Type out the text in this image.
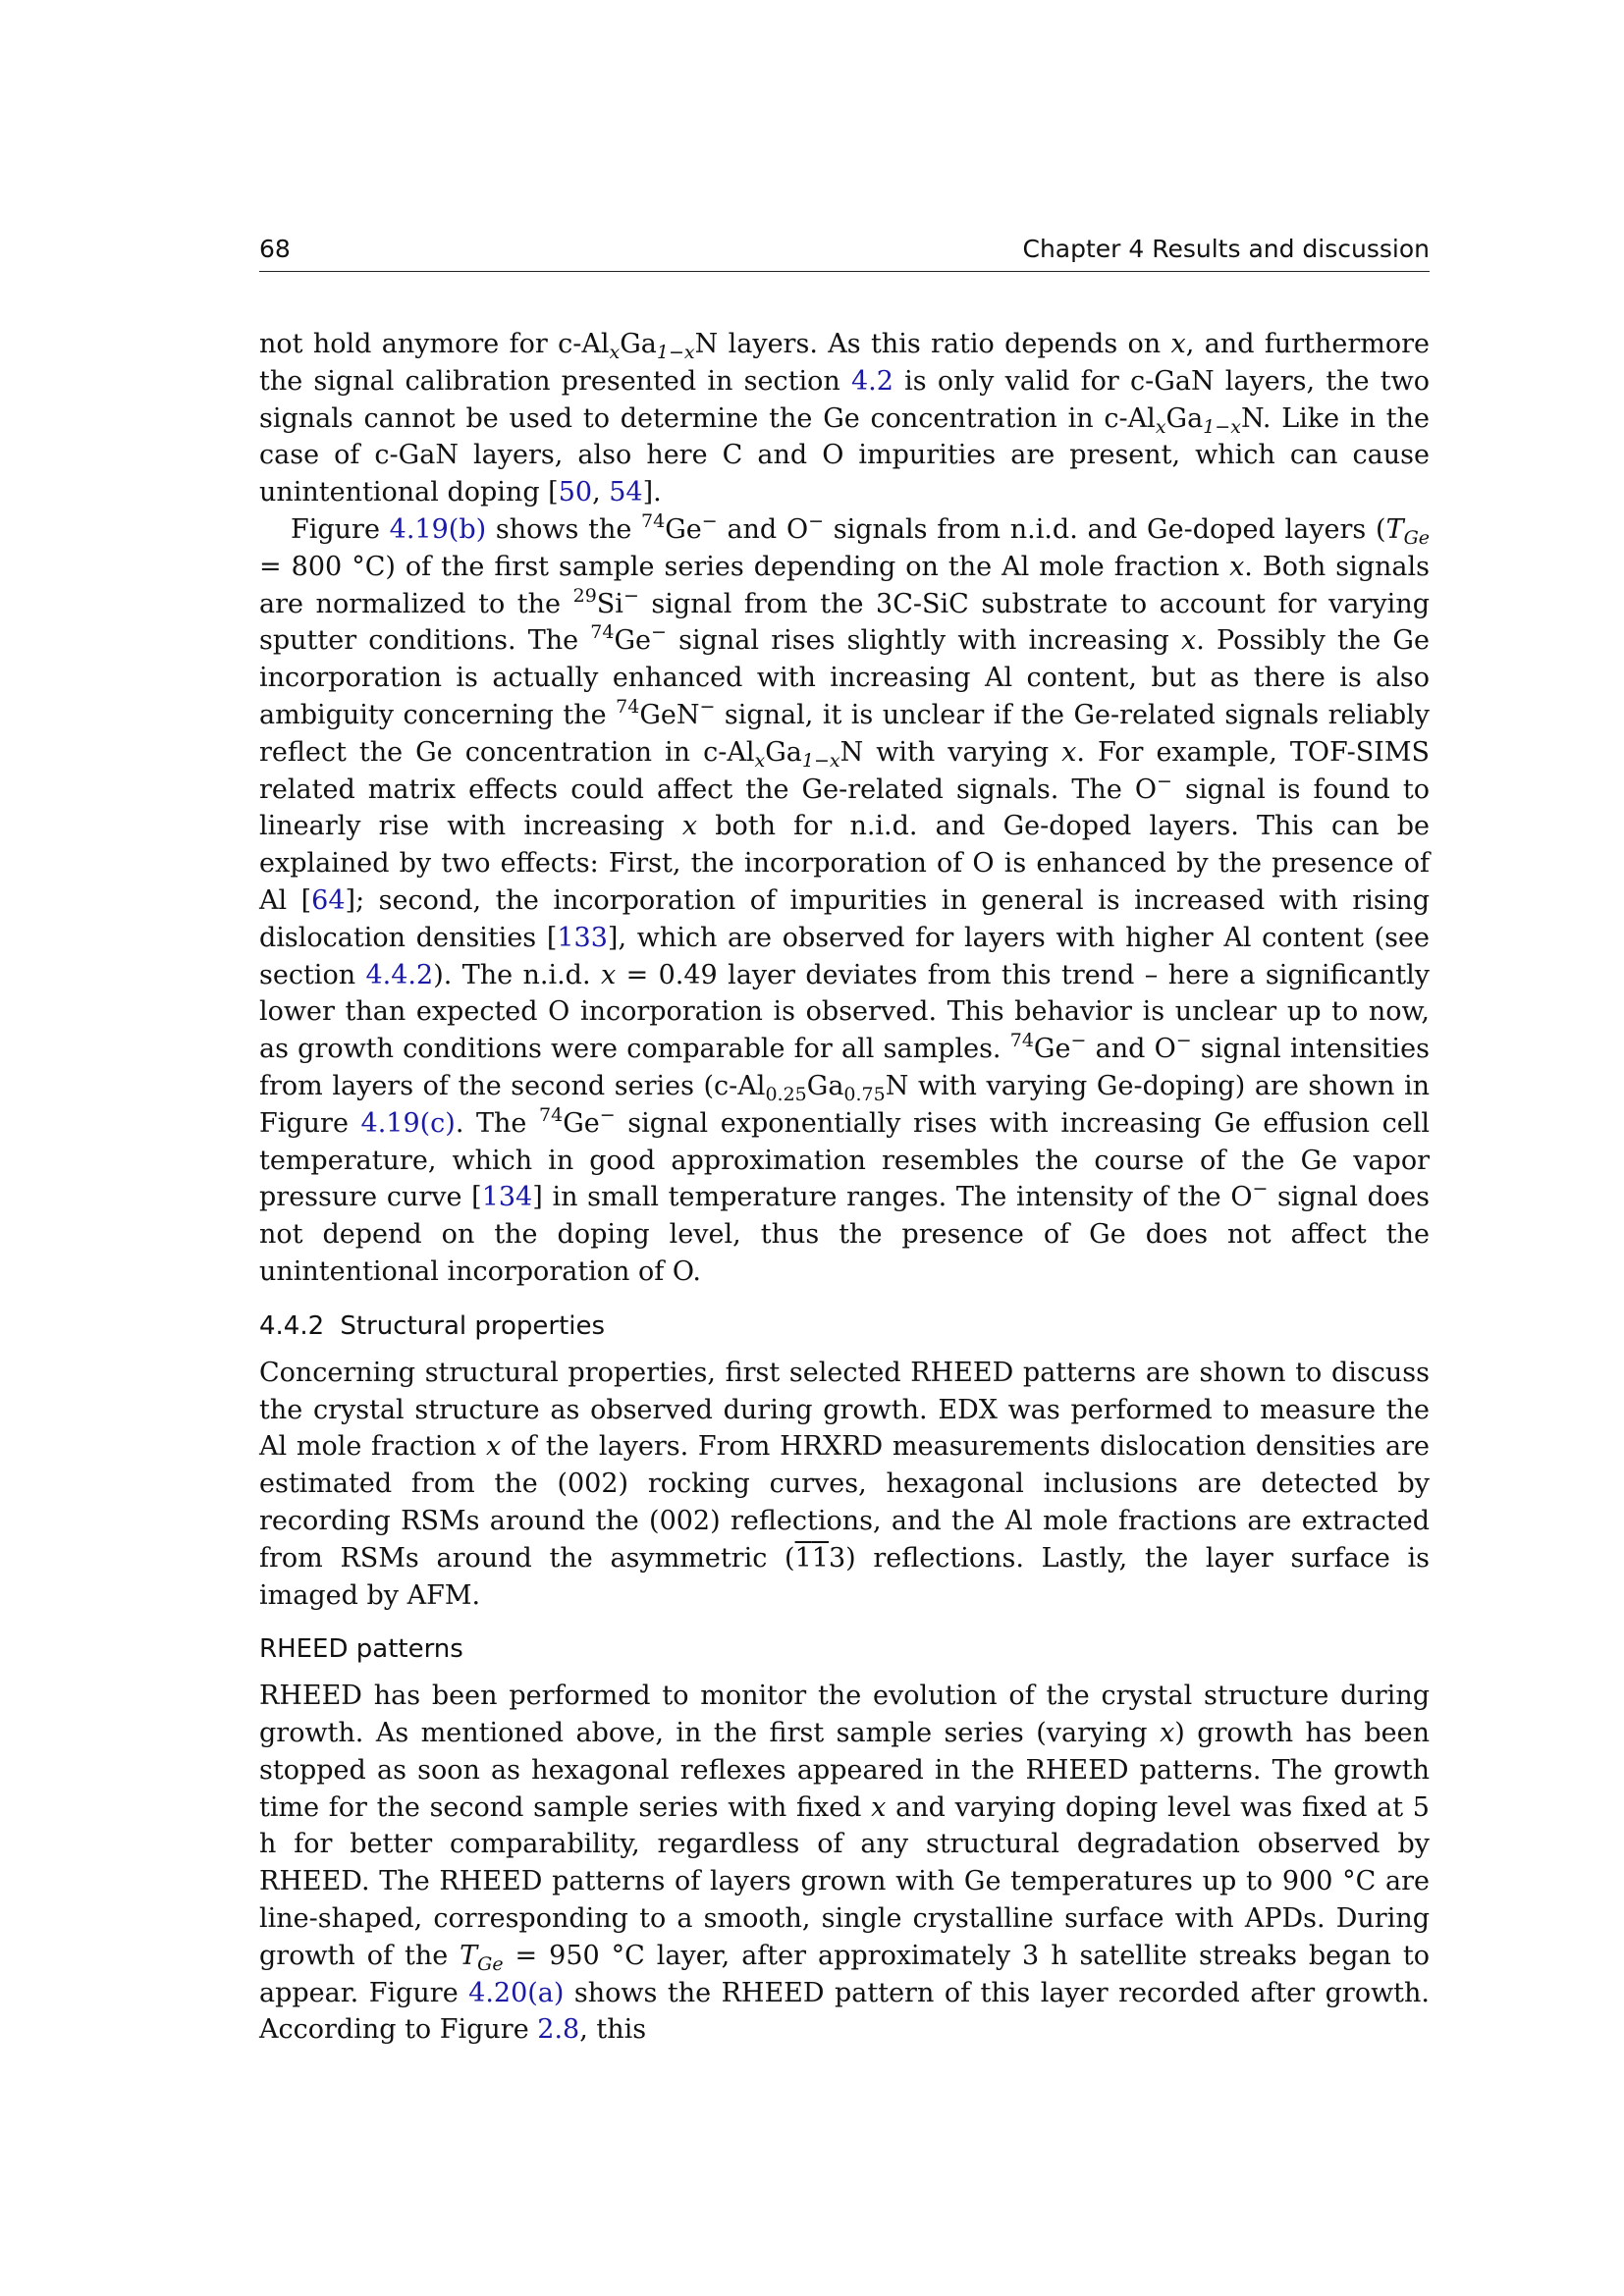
68	Chapter 4 Results and discussion

not hold anymore for $c-Al_xGa_{1-x}N$ layers. As this ratio depends on x, and furthermore the signal calibration presented in section 4.2 is only valid for c-GaN layers, the two signals cannot be used to determine the Ge concentration in $c-Al_xGa_{1-x}N$. Like in the case of c-GaN layers, also here C and O impurities are present, which can cause unintentional doping [50, 54].

Figure 4.19(b) shows the $^{74}$Ge− and O− signals from n.i.d. and Ge-doped layers ($T_{Ge} = 800$ °C) of the first sample series depending on the Al mole fraction x. Both signals are normalized to the $^{29}$Si− signal from the 3C-SiC substrate to account for varying sputter conditions. The $^{74}$Ge− signal rises slightly with increasing x. Possibly the Ge incorporation is actually enhanced with increasing Al content, but as there is also ambiguity concerning the $^{74}$GeN− signal, it is unclear if the Ge-related signals reliably reflect the Ge concentration in $c-Al_xGa_{1-x}N$ with varying x. For example, TOF-SIMS related matrix effects could affect the Ge-related signals. The O− signal is found to linearly rise with increasing x both for n.i.d. and Ge-doped layers. This can be explained by two effects: First, the incorporation of O is enhanced by the presence of Al [64]; second, the incorporation of impurities in general is increased with rising dislocation densities [133], which are observed for layers with higher Al content (see section 4.4.2). The n.i.d. x = 0.49 layer deviates from this trend – here a significantly lower than expected O incorporation is observed. This behavior is unclear up to now, as growth conditions were comparable for all samples. $^{74}$Ge− and O− signal intensities from layers of the second series ($c-Al_{0.25}Ga_{0.75}N$ with varying Ge-doping) are shown in Figure 4.19(c). The $^{74}$Ge− signal exponentially rises with increasing Ge effusion cell temperature, which in good approximation resembles the course of the Ge vapor pressure curve [134] in small temperature ranges. The intensity of the O− signal does not depend on the doping level, thus the presence of Ge does not affect the unintentional incorporation of O.

4.4.2 Structural properties

Concerning structural properties, first selected RHEED patterns are shown to discuss the crystal structure as observed during growth. EDX was performed to measure the Al mole fraction x of the layers. From HRXRD measurements dislocation densities are estimated from the (002) rocking curves, hexagonal inclusions are detected by recording RSMs around the (002) reflections, and the Al mole fractions are extracted from RSMs around the asymmetric (113) reflections. Lastly, the layer surface is imaged by AFM.

RHEED patterns

RHEED has been performed to monitor the evolution of the crystal structure during growth. As mentioned above, in the first sample series (varying x) growth has been stopped as soon as hexagonal reflexes appeared in the RHEED patterns. The growth time for the second sample series with fixed x and varying doping level was fixed at 5 h for better comparability, regardless of any structural degradation observed by RHEED. The RHEED patterns of layers grown with Ge temperatures up to 900 °C are line-shaped, corresponding to a smooth, single crystalline surface with APDs. During growth of the $T_{Ge} = 950$ °C layer, after approximately 3 h satellite streaks began to appear. Figure 4.20(a) shows the RHEED pattern of this layer recorded after growth. According to Figure 2.8, this
